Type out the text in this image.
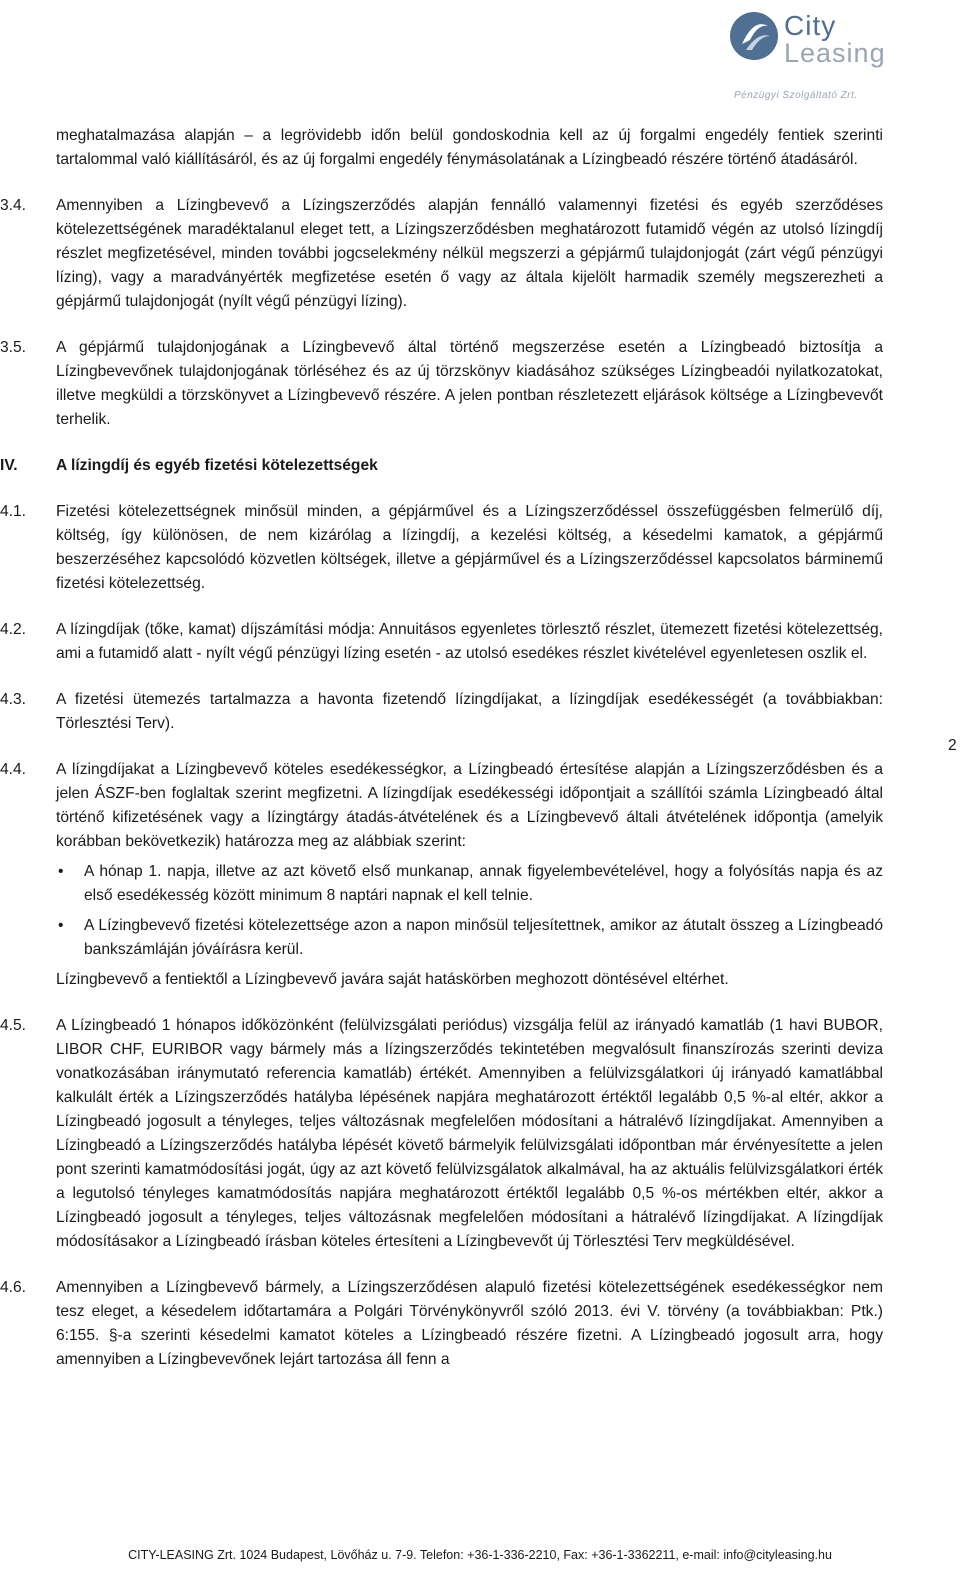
City
Leasing
Pénzügyi Szolgáltató Zrt.

meghatalmazása alapján – a legrövidebb időn belül gondoskodnia kell az új forgalmi engedély fentiek szerinti tartalommal való kiállításáról, és az új forgalmi engedély fénymásolatának a Lízingbeadó részére történő átadásáról.

3.4.	Amennyiben a Lízingbevevő a Lízingszerződés alapján fennálló valamennyi fizetési és egyéb szerződéses kötelezettségének maradéktalanul eleget tett, a Lízingszerződésben meghatározott futamidő végén az utolsó lízingdíj részlet megfizetésével, minden további jogcselekmény nélkül megszerzi a gépjármű tulajdonjogát (zárt végű pénzügyi lízing), vagy a maradványérték megfizetése esetén ő vagy az általa kijelölt harmadik személy megszerezheti a gépjármű tulajdonjogát (nyílt végű pénzügyi lízing).

3.5.	A gépjármű tulajdonjogának a Lízingbevevő által történő megszerzése esetén a Lízingbeadó biztosítja a Lízingbevevőnek tulajdonjogának törléséhez és az új törzskönyv kiadásához szükséges Lízingbeadói nyilatkozatokat, illetve megküldi a törzskönyvet a Lízingbevevő részére. A jelen pontban részletezett eljárások költsége a Lízingbevevőt terhelik.

IV.	A lízingdíj és egyéb fizetési kötelezettségek

4.1.	Fizetési kötelezettségnek minősül minden, a gépjárművel és a Lízingszerződéssel összefüggésben felmerülő díj, költség, így különösen, de nem kizárólag a lízingdíj, a kezelési költség, a késedelmi kamatok, a gépjármű beszerzéséhez kapcsolódó közvetlen költségek, illetve a gépjárművel és a Lízingszerződéssel kapcsolatos bárminemű fizetési kötelezettség.

4.2.	A lízingdíjak (tőke, kamat) díjszámítási módja: Annuitásos egyenletes törlesztő részlet, ütemezett fizetési kötelezettség, ami a futamidő alatt - nyílt végű pénzügyi lízing esetén - az utolsó esedékes részlet kivételével egyenletesen oszlik el.

4.3.	A fizetési ütemezés tartalmazza a havonta fizetendő lízingdíjakat, a lízingdíjak esedékességét (a továbbiakban: Törlesztési Terv).

4.4.	A lízingdíjakat a Lízingbevevő köteles esedékességkor, a Lízingbeadó értesítése alapján a Lízingszerződésben és a jelen ÁSZF-ben foglaltak szerint megfizetni. A lízingdíjak esedékességi időpontjait a szállítói számla Lízingbeadó által történő kifizetésének vagy a lízingtárgy átadás-átvételének és a Lízingbevevő általi átvételének időpontja (amelyik korábban bekövetkezik) határozza meg az alábbiak szerint:
• A hónap 1. napja, illetve az azt követő első munkanap, annak figyelembevételével, hogy a folyósítás napja és az első esedékesség között minimum 8 naptári napnak el kell telnie.
• A Lízingbevevő fizetési kötelezettsége azon a napon minősül teljesítettnek, amikor az átutalt összeg a Lízingbeadó bankszámláján jóváírásra kerül.
Lízingbevevő a fentiektől a Lízingbevevő javára saját hatáskörben meghozott döntésével eltérhet.

4.5.	A Lízingbeadó 1 hónapos időközönként (felülvizsgálati periódus) vizsgálja felül az irányadó kamatláb (1 havi BUBOR, LIBOR CHF, EURIBOR vagy bármely más a lízingszerződés tekintetében megvalósult finanszírozás szerinti deviza vonatkozásában iránymutató referencia kamatláb) értékét. Amennyiben a felülvizsgálatkori új irányadó kamatlábbal kalkulált érték a Lízingszerződés hatályba lépésének napjára meghatározott értéktől legalább 0,5 %-al eltér, akkor a Lízingbeadó jogosult a tényleges, teljes változásnak megfelelően módosítani a hátralévő lízingdíjakat. Amennyiben a Lízingbeadó a Lízingszerződés hatályba lépését követő bármelyik felülvizsgálati időpontban már érvényesítette a jelen pont szerinti kamatmódosítási jogát, úgy az azt követő felülvizsgálatok alkalmával, ha az aktuális felülvizsgálatkori érték a legutolsó tényleges kamatmódosítás napjára meghatározott értéktől legalább 0,5 %-os mértékben eltér, akkor a Lízingbeadó jogosult a tényleges, teljes változásnak megfelelően módosítani a hátralévő lízingdíjakat. A lízingdíjak módosításakor a Lízingbeadó írásban köteles értesíteni a Lízingbevevőt új Törlesztési Terv megküldésével.

4.6.	Amennyiben a Lízingbevevő bármely, a Lízingszerződésen alapuló fizetési kötelezettségének esedékességkor nem tesz eleget, a késedelem időtartamára a Polgári Törvénykönyvről szóló 2013. évi V. törvény (a továbbiakban: Ptk.) 6:155. §-a szerinti késedelmi kamatot köteles a Lízingbeadó részére fizetni. A Lízingbeadó jogosult arra, hogy amennyiben a Lízingbevevőnek lejárt tartozása áll fenn a

2
CITY-LEASING Zrt. 1024 Budapest, Lövőház u. 7-9. Telefon: +36-1-336-2210, Fax: +36-1-3362211, e-mail: info@cityleasing.hu
